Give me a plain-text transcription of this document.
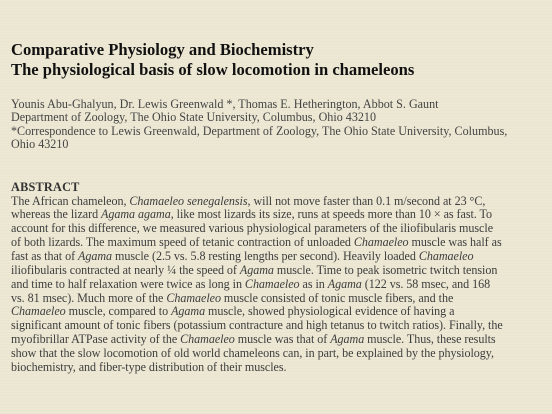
Comparative Physiology and Biochemistry
The physiological basis of slow locomotion in chameleons
Younis Abu-Ghalyun, Dr. Lewis Greenwald *, Thomas E. Hetherington, Abbot S. Gaunt
Department of Zoology, The Ohio State University, Columbus, Ohio 43210
*Correspondence to Lewis Greenwald, Department of Zoology, The Ohio State University, Columbus,
Ohio 43210
ABSTRACT
The African chameleon, Chamaeleo senegalensis, will not move faster than 0.1 m/second at 23 °C,
whereas the lizard Agama agama, like most lizards its size, runs at speeds more than 10 × as fast. To
account for this difference, we measured various physiological parameters of the iliofibularis muscle
of both lizards. The maximum speed of tetanic contraction of unloaded Chamaeleo muscle was half as
fast as that of Agama muscle (2.5 vs. 5.8 resting lengths per second). Heavily loaded Chamaeleo
iliofibularis contracted at nearly ¼ the speed of Agama muscle. Time to peak isometric twitch tension
and time to half relaxation were twice as long in Chamaeleo as in Agama (122 vs. 58 msec, and 168
vs. 81 msec). Much more of the Chamaeleo muscle consisted of tonic muscle fibers, and the
Chamaeleo muscle, compared to Agama muscle, showed physiological evidence of having a
significant amount of tonic fibers (potassium contracture and high tetanus to twitch ratios). Finally, the
myofibrillar ATPase activity of the Chamaeleo muscle was that of Agama muscle. Thus, these results
show that the slow locomotion of old world chameleons can, in part, be explained by the physiology,
biochemistry, and fiber-type distribution of their muscles.
